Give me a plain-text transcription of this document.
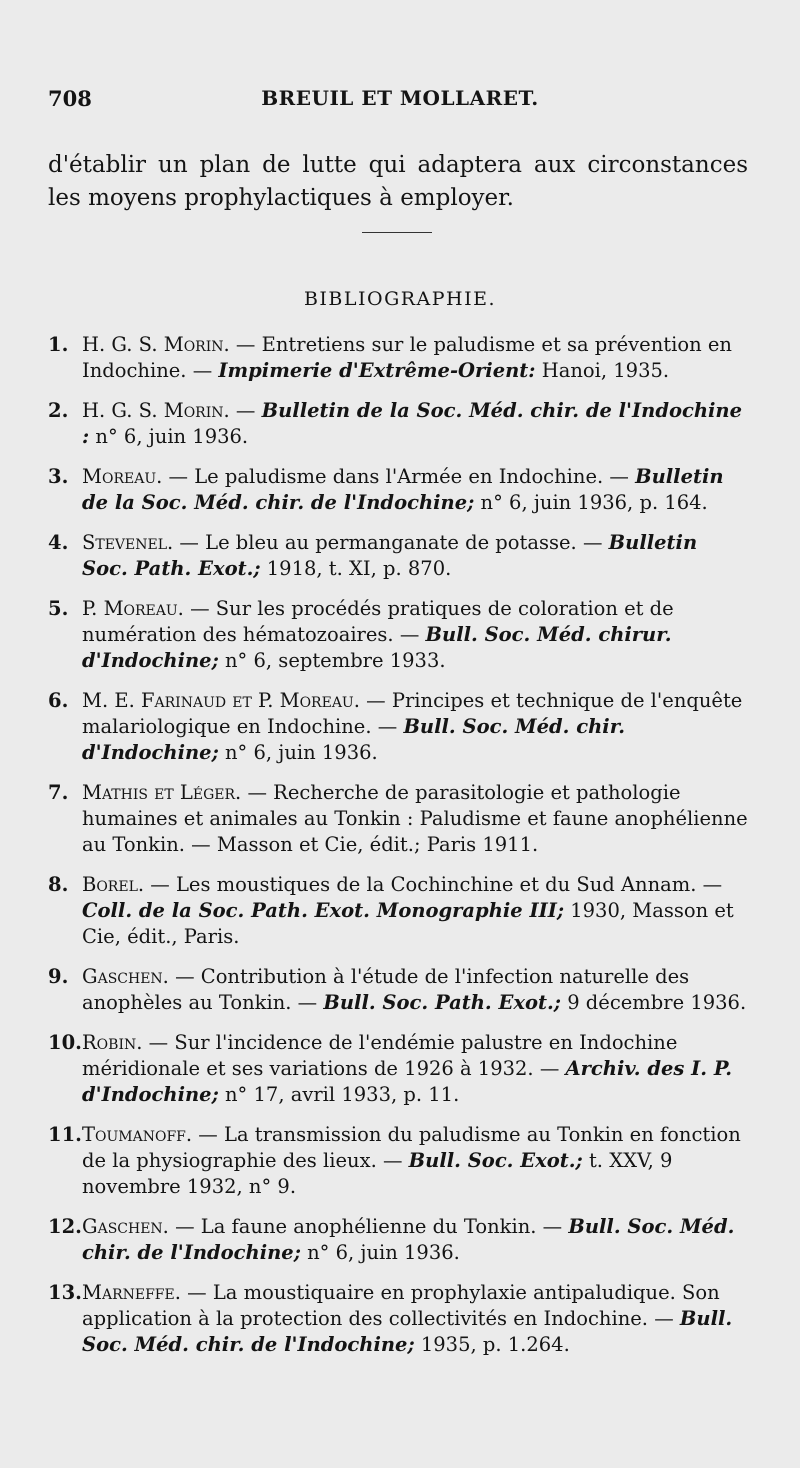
708	BREUIL ET MOLLARET.

d'établir un plan de lutte qui adaptera aux circonstances les moyens prophylactiques à employer.

BIBLIOGRAPHIE.
1. H. G. S. Morin. — Entretiens sur le paludisme et sa prévention en Indochine. — Impimerie d'Extrême-Orient: Hanoi, 1935.
2. H. G. S. Morin. — Bulletin de la Soc. Méd. chir. de l'Indochine : n° 6, juin 1936.
3. Moreau. — Le paludisme dans l'Armée en Indochine. — Bulletin de la Soc. Méd. chir. de l'Indochine; n° 6, juin 1936, p. 164.
4. Stevenel. — Le bleu au permanganate de potasse. — Bulletin Soc. Path. Exot.; 1918, t. XI, p. 870.
5. P. Moreau. — Sur les procédés pratiques de coloration et de numération des hématozoaires. — Bull. Soc. Méd. chirur. d'Indochine; n° 6, septembre 1933.
6. M. E. Farinaud et P. Moreau. — Principes et technique de l'enquête malariologique en Indochine. — Bull. Soc. Méd. chir. d'Indochine; n° 6, juin 1936.
7. Mathis et Léger. — Recherche de parasitologie et pathologie humaines et animales au Tonkin : Paludisme et faune anophélienne au Tonkin. — Masson et Cie, édit.; Paris 1911.
8. Borel. — Les moustiques de la Cochinchine et du Sud Annam. — Coll. de la Soc. Path. Exot. Monographie III; 1930, Masson et Cie, édit., Paris.
9. Gaschen. — Contribution à l'étude de l'infection naturelle des anophèles au Tonkin. — Bull. Soc. Path. Exot.; 9 décembre 1936.
10. Robin. — Sur l'incidence de l'endémie palustre en Indochine méridionale et ses variations de 1926 à 1932. — Archiv. des I. P. d'Indochine; n° 17, avril 1933, p. 11.
11. Toumanoff. — La transmission du paludisme au Tonkin en fonction de la physiographie des lieux. — Bull. Soc. Exot.; t. XXV, 9 novembre 1932, n° 9.
12. Gaschen. — La faune anophélienne du Tonkin. — Bull. Soc. Méd. chir. de l'Indochine; n° 6, juin 1936.
13. Marneffe. — La moustiquaire en prophylaxie antipaludique. Son application à la protection des collectivités en Indochine. — Bull. Soc. Méd. chir. de l'Indochine; 1935, p. 1.264.
